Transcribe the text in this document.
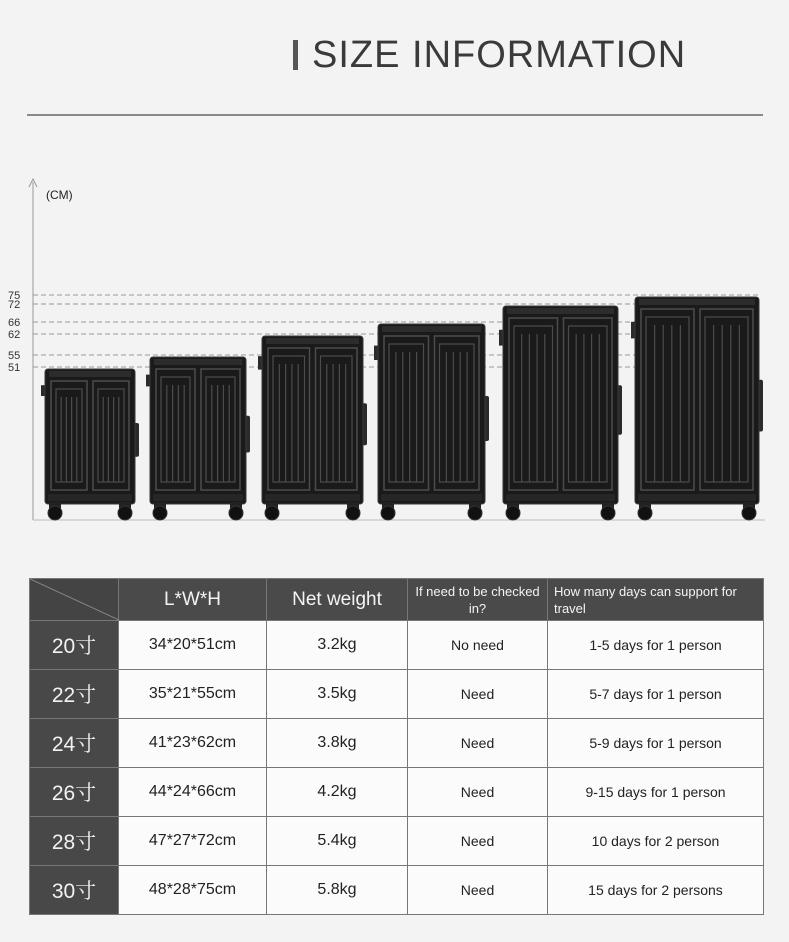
SIZE INFORMATION
51
55
62
66
72
75
(CM)
	L*W*H	Net weight	If need to be checked in?	How many days can support for travel
20寸	34*20*51cm	3.2kg	No need	1-5 days for 1 person
22寸	35*21*55cm	3.5kg	Need	5-7 days for 1 person
24寸	41*23*62cm	3.8kg	Need	5-9 days for 1 person
26寸	44*24*66cm	4.2kg	Need	9-15 days for 1 person
28寸	47*27*72cm	5.4kg	Need	10 days for 2 person
30寸	48*28*75cm	5.8kg	Need	15 days for 2 persons
